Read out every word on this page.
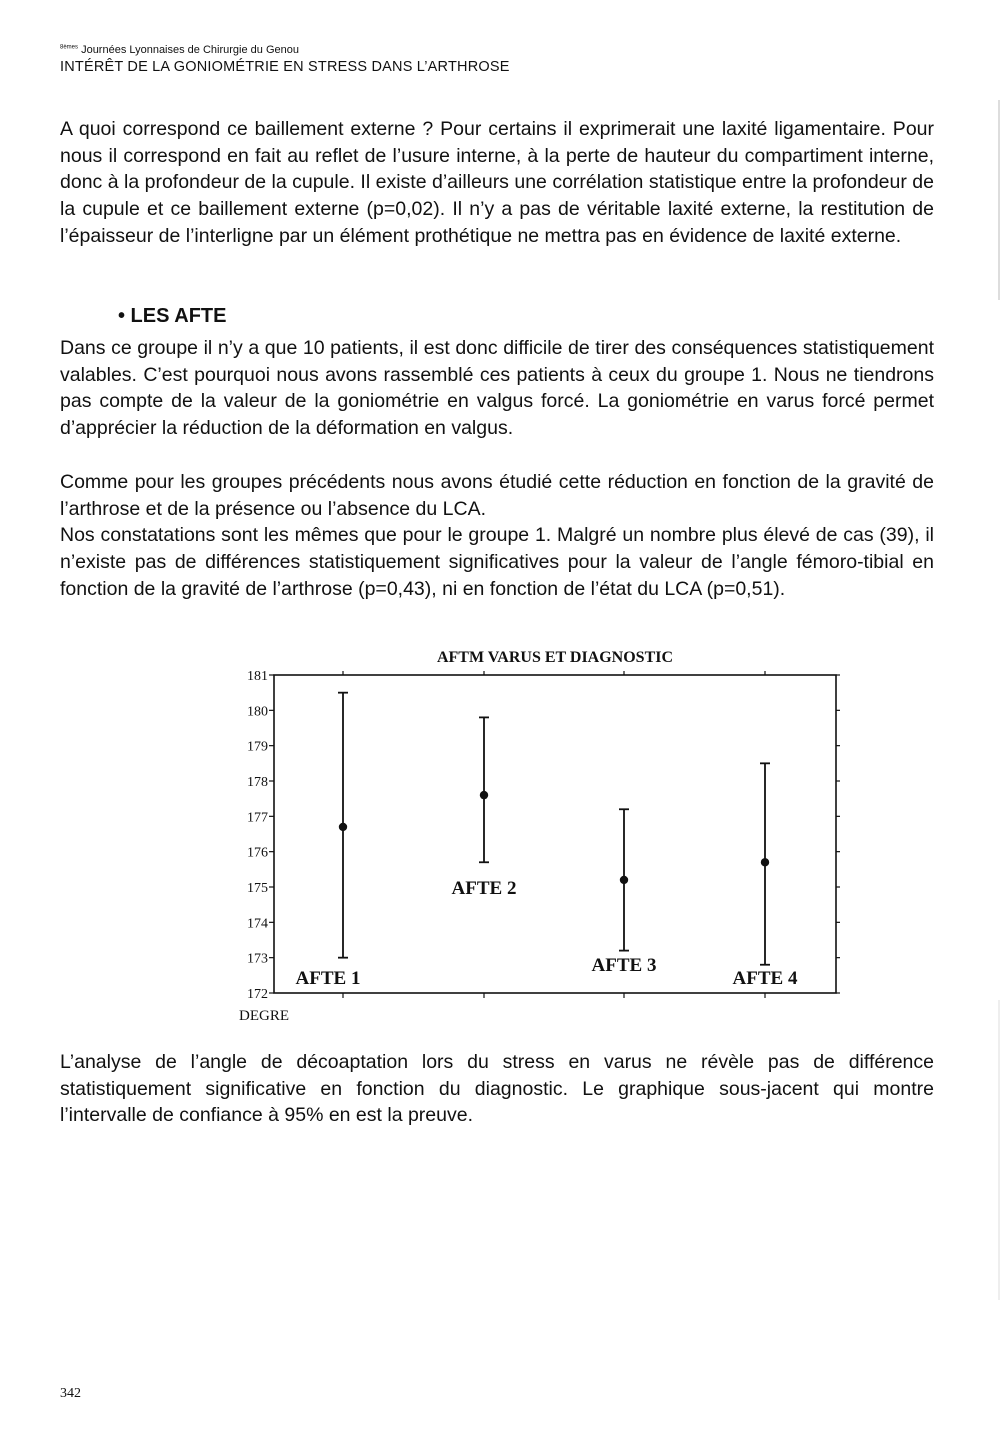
$^{8èmes}$ Journées Lyonnaises de Chirurgie du Genou
INTÉRÊT DE LA GONIOMÉTRIE EN STRESS DANS L’ARTHROSE

A quoi correspond ce baillement externe ? Pour certains il exprimerait une laxité ligamentaire. Pour nous il correspond en fait au reflet de l’usure interne, à la perte de hauteur du compartiment interne, donc à la profondeur de la cupule. Il existe d’ailleurs une corrélation statistique entre la profondeur de la cupule et ce baillement externe (p=0,02). Il n’y a pas de véritable laxité externe, la restitution de l’épaisseur de l’interligne par un élément prothétique ne mettra pas en évidence de laxité externe.

• LES AFTE

Dans ce groupe il n’y a que 10 patients, il est donc difficile de tirer des conséquences statistiquement valables. C’est pourquoi nous avons rassemblé ces patients à ceux du groupe 1. Nous ne tiendrons pas compte de la valeur de la goniométrie en valgus forcé. La goniométrie en varus forcé permet d’apprécier la réduction de la déformation en valgus.

Comme pour les groupes précédents nous avons étudié cette réduction en fonction de la gravité de l’arthrose et de la présence ou l’absence du LCA.

Nos constatations sont les mêmes que pour le groupe 1. Malgré un nombre plus élevé de cas (39), il n’existe pas de différences statistiquement significatives pour la valeur de l’angle fémoro-tibial en fonction de la gravité de l’arthrose (p=0,43), ni en fonction de l’état du LCA (p=0,51).

AFTM VARUS ET DIAGNOSTIC
172
173
174
175
176
177
178
179
180
181
DEGRE
AFTE 1
AFTE 2
AFTE 3
AFTE 4

L’analyse de l’angle de décoaptation lors du stress en varus ne révèle pas de différence statistiquement significative en fonction du diagnostic. Le graphique sous-jacent qui montre l’intervalle de confiance à 95% en est la preuve.

342
